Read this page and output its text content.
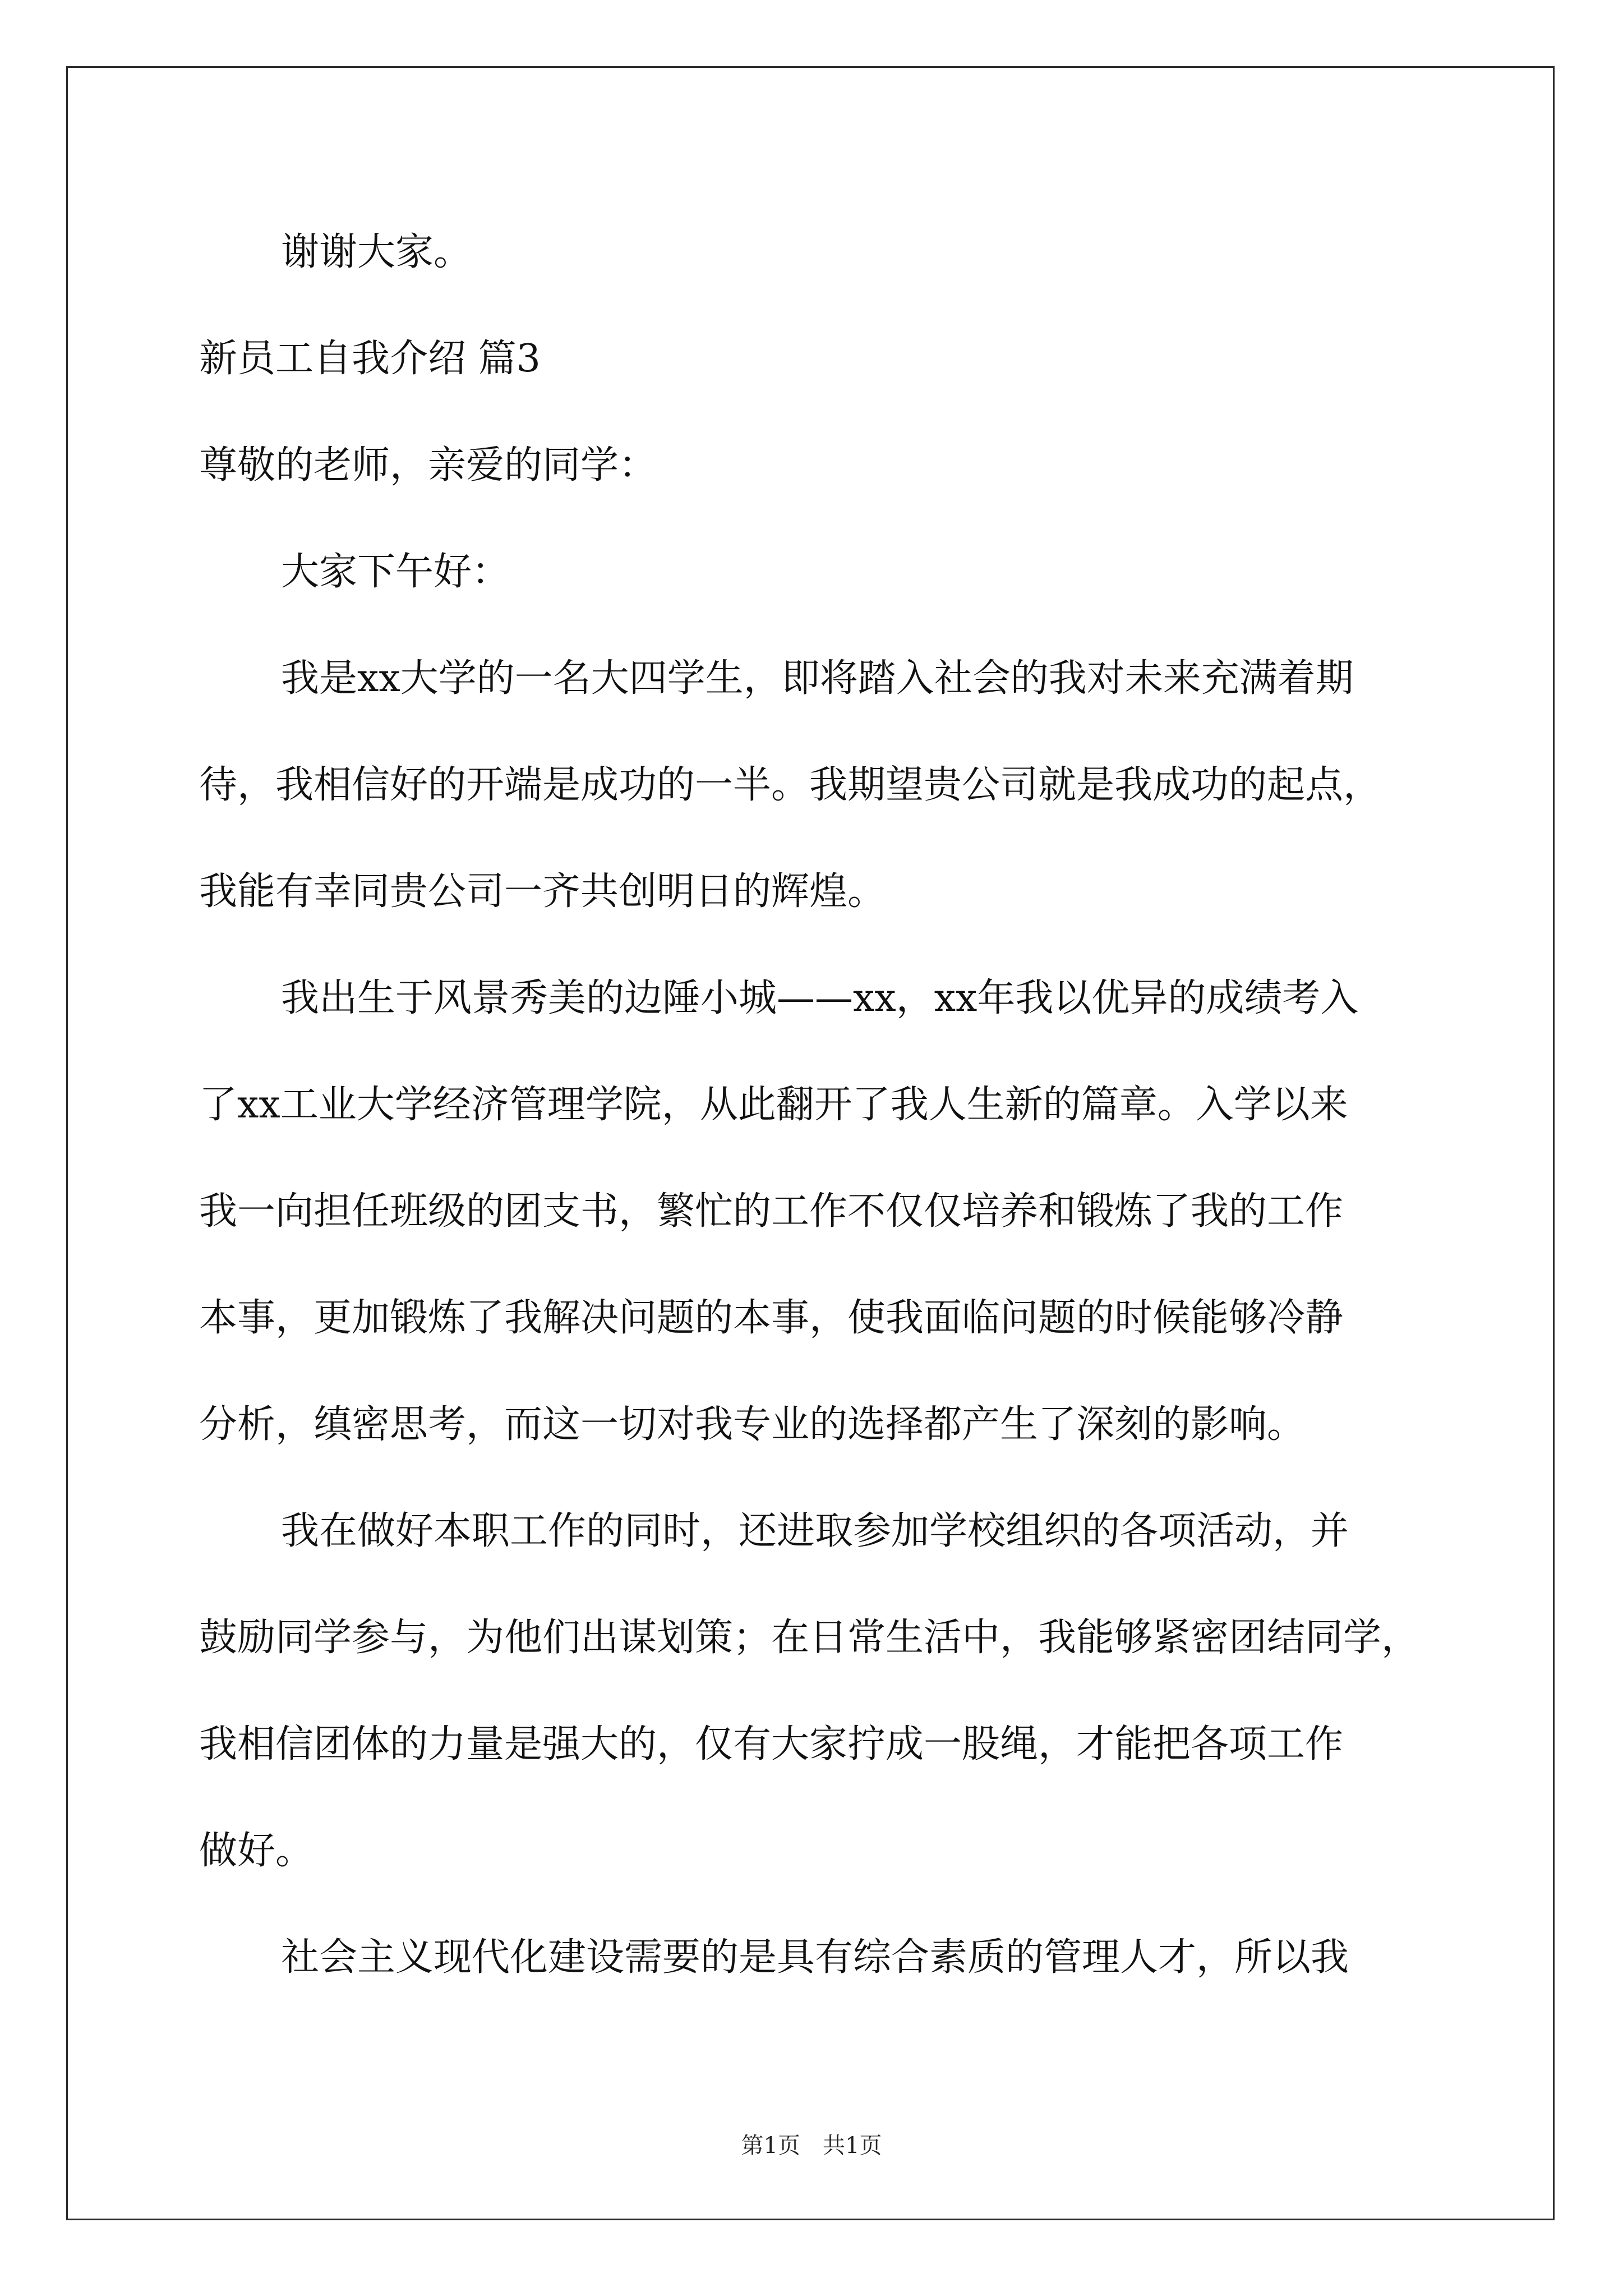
谢谢大家。
新员工自我介绍 篇3
尊敬的老师，亲爱的同学：
大家下午好：
我是xx大学的一名大四学生，即将踏入社会的我对未来充满着期
待，我相信好的开端是成功的一半。我期望贵公司就是我成功的起点，
我能有幸同贵公司一齐共创明日的辉煌。
我出生于风景秀美的边陲小城——xx，xx年我以优异的成绩考入
了xx工业大学经济管理学院，从此翻开了我人生新的篇章。入学以来
我一向担任班级的团支书，繁忙的工作不仅仅培养和锻炼了我的工作
本事，更加锻炼了我解决问题的本事，使我面临问题的时候能够冷静
分析，缜密思考，而这一切对我专业的选择都产生了深刻的影响。
我在做好本职工作的同时，还进取参加学校组织的各项活动，并
鼓励同学参与，为他们出谋划策；在日常生活中，我能够紧密团结同学，
我相信团体的力量是强大的，仅有大家拧成一股绳，才能把各项工作
做好。
社会主义现代化建设需要的是具有综合素质的管理人才，所以我
第1页　共1页
